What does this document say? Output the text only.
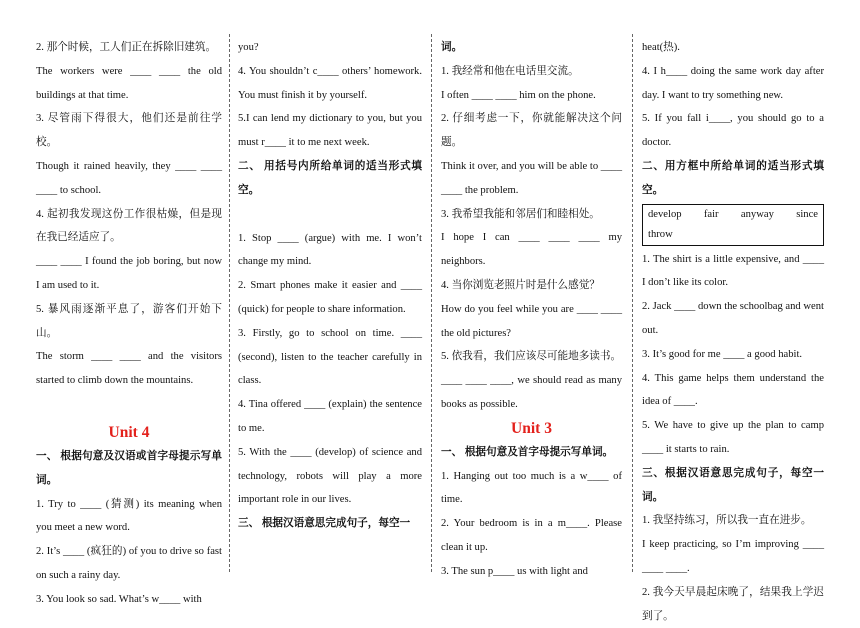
2. 那个时候，工人们正在拆除旧建筑。

The workers were ____ ____ the old buildings at that time.

3. 尽管雨下得很大，他们还是前往学校。

Though it rained heavily, they ____ ____ ____ to school.

4. 起初我发现这份工作很枯燥，但是现在我已经适应了。

____ ____ I found the job boring, but now I am used to it.

5. 暴风雨逐渐平息了，游客们开始下山。

The storm ____ ____ and the visitors started to climb down the mountains.

Unit 4

一、 根据句意及汉语或首字母提示写单词。

1. Try to ____ (猜测) its meaning when you meet a new word.

2. It’s ____ (疯狂的) of you to drive so fast on such a rainy day.

3. You look so sad. What’s w____ with

you?

4. You shouldn’t c____ others’ homework. You must finish it by yourself.

5.I can lend my dictionary to you, but you must r____ it to me next week.

二、 用括号内所给单词的适当形式填空。

1. Stop ____ (argue) with me. I won’t change my mind.

2. Smart phones make it easier and ____ (quick) for people to share information.

3. Firstly, go to school on time. ____ (second), listen to the teacher carefully in class.

4. Tina offered ____ (explain) the sentence to me.

5. With the ____ (develop) of science and technology, robots will play a more important role in our lives.

三、 根据汉语意思完成句子，每空一

词。

1. 我经常和他在电话里交流。

I often ____ ____ him on the phone.

2. 仔细考虑一下，你就能解决这个问题。

Think it over, and you will be able to ____ ____ the problem.

3. 我希望我能和邻居们和睦相处。

I hope I can ____ ____ ____ my neighbors.

4. 当你浏览老照片时是什么感觉？

How do you feel while you are ____ ____ the old pictures?

5. 依我看，我们应该尽可能地多读书。

____ ____ ____, we should read as many books as possible.

Unit 3

一、 根据句意及首字母提示写单词。

1. Hanging out too much is a w____ of time.

2. Your bedroom is in a m____. Please clean it up.

3. The sun p____ us with light and

heat(热).

4. I h____ doing the same work day after day. I want to try something new.

5. If you fall i____, you should go to a doctor.

二、用方框中所给单词的适当形式填空。

develop fair anyway since throw

1. The shirt is a little expensive, and ____ I don’t like its color.

2. Jack ____ down the schoolbag and went out.

3. It’s good for me ____ a good habit.

4. This game helps them understand the idea of ____.

5. We have to give up the plan to camp ____ it starts to rain.

三、根据汉语意思完成句子，每空一词。

1. 我坚持练习，所以我一直在进步。

I keep practicing, so I’m improving ____ ____ ____.

2. 我今天早晨起床晚了，结果我上学迟到了。
